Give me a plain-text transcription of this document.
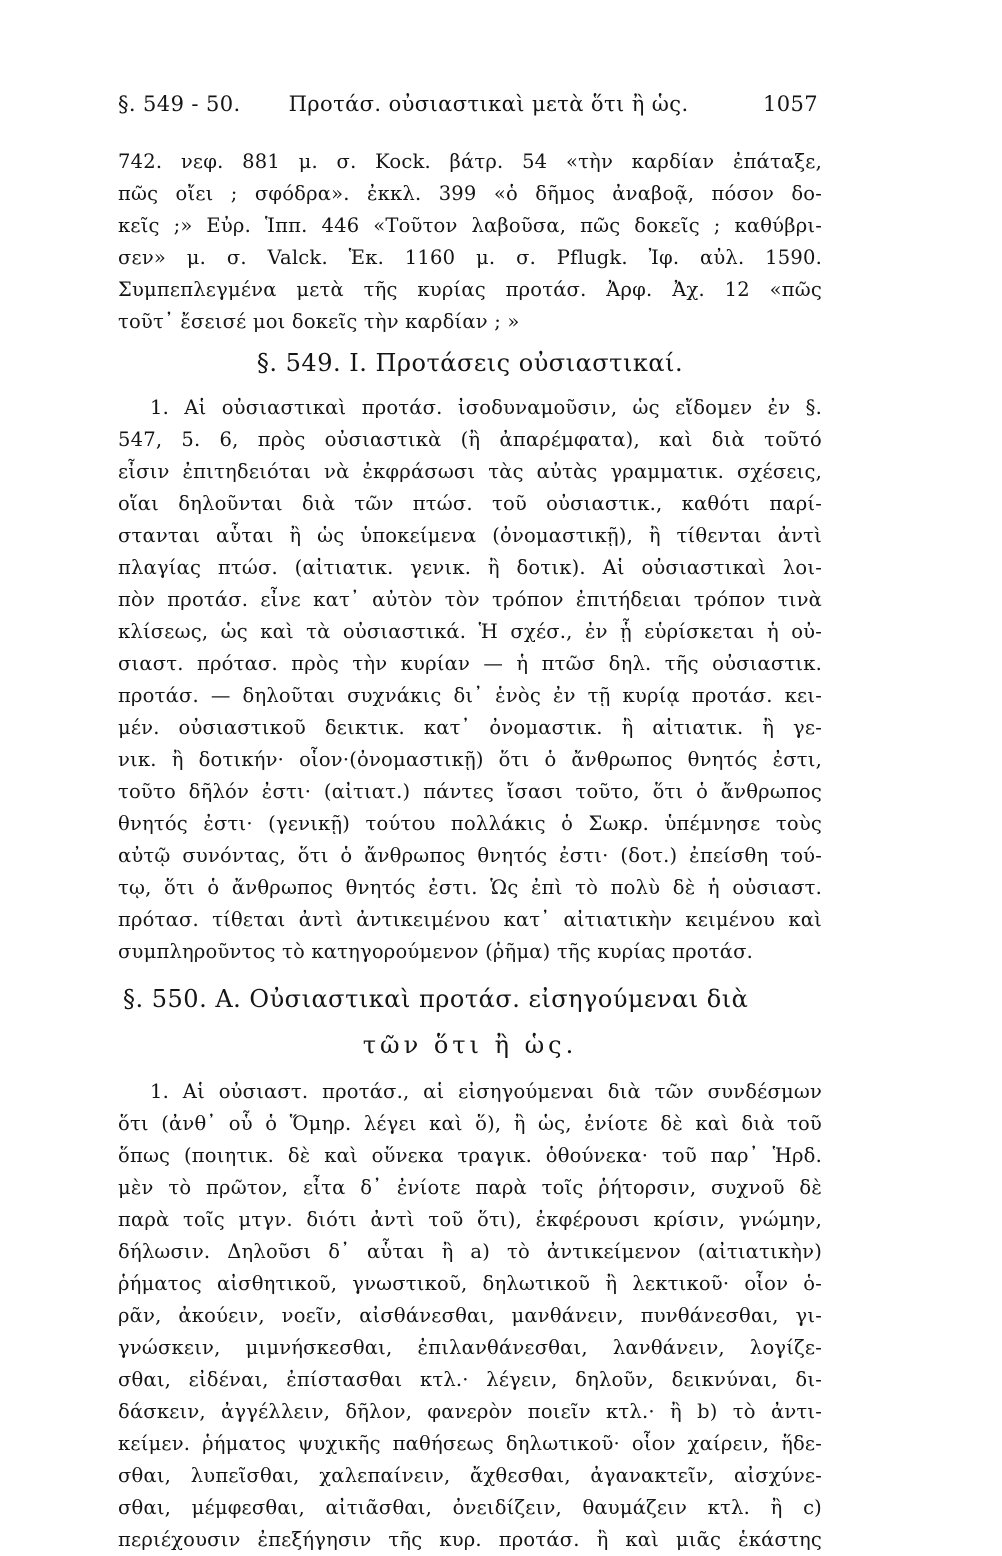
§. 549 - 50. Προτάσ. οὐσιαστικαὶ μετὰ ὅτι ἢ ὡς.	1057
742. νεφ. 881 μ. σ. Kock. βάτρ. 54 «τὴν καρδίαν ἐπάταξε,
πῶς οἴει ; σφόδρα». ἐκκλ. 399 «ὁ δῆμος ἀναβοᾷ, πόσον δο-
κεῖς ;» Εὐρ. Ἱππ. 446 «Τοῦτον λαβοῦσα, πῶς δοκεῖς ; καθύβρι-
σεν» μ. σ. Valck. Ἑκ. 1160 μ. σ. Pflugk. Ἰφ. αὐλ. 1590.
Συμπεπλεγμένα μετὰ τῆς κυρίας προτάσ. Ἀρφ. Ἀχ. 12 «πῶς
τοῦτ᾽ ἔσεισέ μοι δοκεῖς τὴν καρδίαν ; »
§. 549. Ι. Προτάσεις οὐσιαστικαί.
1. Αἱ οὐσιαστικαὶ προτάσ. ἰσοδυναμοῦσιν, ὡς εἴδομεν ἐν §.
547, 5. 6, πρὸς οὐσιαστικὰ (ἢ ἀπαρέμφατα), καὶ διὰ τοῦτό
εἶσιν ἐπιτηδειόται νὰ ἐκφράσωσι τὰς αὐτὰς γραμματικ. σχέσεις,
οἵαι δηλοῦνται διὰ τῶν πτώσ. τοῦ οὐσιαστικ., καθότι παρί-
στανται αὗται ἢ ὡς ὑποκείμενα (ὀνομαστικῇ), ἢ τίθενται ἀντὶ
πλαγίας πτώσ. (αἰτιατικ. γενικ. ἢ δοτικ). Αἱ οὐσιαστικαὶ λοι-
πὸν προτάσ. εἶνε κατ᾽ αὐτὸν τὸν τρόπον ἐπιτήδειαι τρόπον τινὰ
κλίσεως, ὡς καὶ τὰ οὐσιαστικά. Ἡ σχέσ., ἐν ᾗ εὑρίσκεται ἡ οὐ-
σιαστ. πρότασ. πρὸς τὴν κυρίαν — ἡ πτῶσ δηλ. τῆς οὐσιαστικ.
προτάσ. — δηλοῦται συχνάκις δι᾽ ἑνὸς ἐν τῇ κυρίᾳ προτάσ. κει-
μέν. οὐσιαστικοῦ δεικτικ. κατ᾽ ὀνομαστικ. ἢ αἰτιατικ. ἢ γε-
νικ. ἢ δοτικήν· οἷον·(ὀνομαστικῇ) ὅτι ὁ ἄνθρωπος θνητός ἐστι,
τοῦτο δῆλόν ἐστι· (αἰτιατ.) πάντες ἴσασι τοῦτο, ὅτι ὁ ἄνθρωπος
θνητός ἐστι· (γενικῇ) τούτου πολλάκις ὁ Σωκρ. ὑπέμνησε τοὺς
αὐτῷ συνόντας, ὅτι ὁ ἄνθρωπος θνητός ἐστι· (δοτ.) ἐπείσθη τού-
τῳ, ὅτι ὁ ἄνθρωπος θνητός ἐστι. Ὡς ἐπὶ τὸ πολὺ δὲ ἡ οὐσιαστ.
πρότασ. τίθεται ἀντὶ ἀντικειμένου κατ᾽ αἰτιατικὴν κειμένου καὶ
συμπληροῦντος τὸ κατηγορούμενον (ῥῆμα) τῆς κυρίας προτάσ.
§. 550. Α. Οὐσιαστικαὶ προτάσ. εἰσηγούμεναι διὰ
τῶν ὅτι ἢ ὡς.
1. Αἱ οὐσιαστ. προτάσ., αἱ εἰσηγούμεναι διὰ τῶν συνδέσμων
ὅτι (ἀνθ᾽ οὗ ὁ Ὅμηρ. λέγει καὶ ὅ), ἢ ὡς, ἐνίοτε δὲ καὶ διὰ τοῦ
ὅπως (ποιητικ. δὲ καὶ οὕνεκα τραγικ. ὁθούνεκα· τοῦ παρ᾽ Ἡρδ.
μὲν τὸ πρῶτον, εἶτα δ᾽ ἐνίοτε παρὰ τοῖς ῥήτορσιν, συχνοῦ δὲ
παρὰ τοῖς μτγν. διότι ἀντὶ τοῦ ὅτι), ἐκφέρουσι κρίσιν, γνώμην,
δήλωσιν. Δηλοῦσι δ᾽ αὗται ἢ a) τὸ ἀντικείμενον (αἰτιατικὴν)
ῥήματος αἰσθητικοῦ, γνωστικοῦ, δηλωτικοῦ ἢ λεκτικοῦ· οἷον ὁ-
ρᾶν, ἀκούειν, νοεῖν, αἰσθάνεσθαι, μανθάνειν, πυνθάνεσθαι, γι-
γνώσκειν, μιμνήσκεσθαι, ἐπιλανθάνεσθαι, λανθάνειν, λογίζε-
σθαι, εἰδέναι, ἐπίστασθαι κτλ.· λέγειν, δηλοῦν, δεικνύναι, δι-
δάσκειν, ἀγγέλλειν, δῆλον, φανερὸν ποιεῖν κτλ.· ἢ b) τὸ ἀντι-
κείμεν. ῥήματος ψυχικῆς παθήσεως δηλωτικοῦ· οἷον χαίρειν, ἥδε-
σθαι, λυπεῖσθαι, χαλεπαίνειν, ἄχθεσθαι, ἀγανακτεῖν, αἰσχύνε-
σθαι, μέμφεσθαι, αἰτιᾶσθαι, ὀνειδίζειν, θαυμάζειν κτλ. ἢ c)
περιέχουσιν ἐπεξήγησιν τῆς κυρ. προτάσ. ἢ καὶ μιᾶς ἑκάστης
